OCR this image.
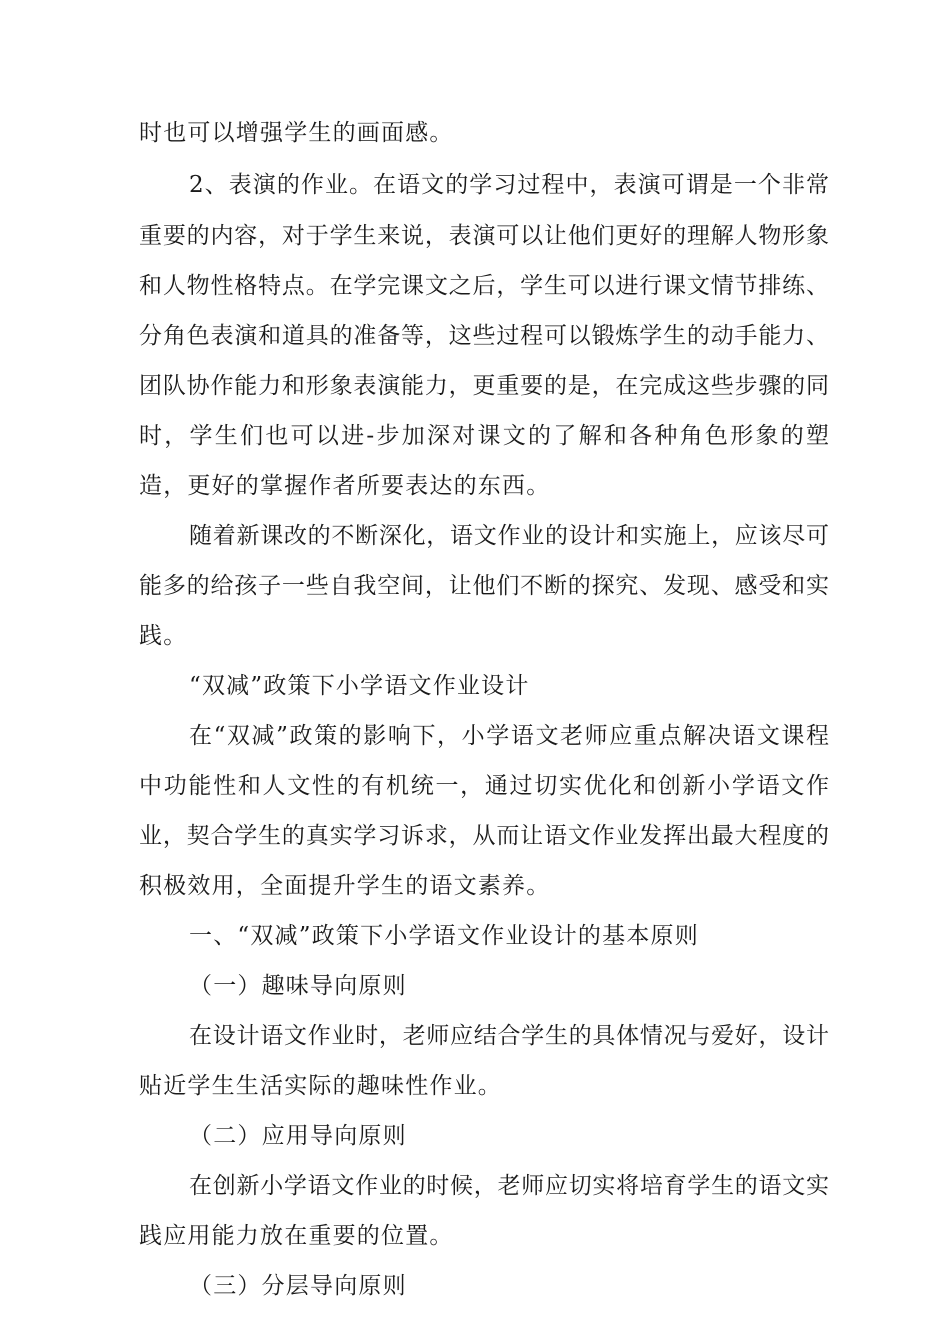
时也可以增强学生的画面感。
2、表演的作业。在语文的学习过程中，表演可谓是一个非常
重要的内容，对于学生来说，表演可以让他们更好的理解人物形象
和人物性格特点。在学完课文之后，学生可以进行课文情节排练、
分角色表演和道具的准备等，这些过程可以锻炼学生的动手能力、
团队协作能力和形象表演能力，更重要的是，在完成这些步骤的同
时，学生们也可以进-步加深对课文的了解和各种角色形象的塑
造，更好的掌握作者所要表达的东西。
随着新课改的不断深化，语文作业的设计和实施上，应该尽可
能多的给孩子一些自我空间，让他们不断的探究、发现、感受和实
践。
“双减”政策下小学语文作业设计
在“双减”政策的影响下，小学语文老师应重点解决语文课程
中功能性和人文性的有机统一，通过切实优化和创新小学语文作
业，契合学生的真实学习诉求，从而让语文作业发挥出最大程度的
积极效用，全面提升学生的语文素养。
一、“双减”政策下小学语文作业设计的基本原则
（一）趣味导向原则
在设计语文作业时，老师应结合学生的具体情况与爱好，设计
贴近学生生活实际的趣味性作业。
（二）应用导向原则
在创新小学语文作业的时候，老师应切实将培育学生的语文实
践应用能力放在重要的位置。
（三）分层导向原则
